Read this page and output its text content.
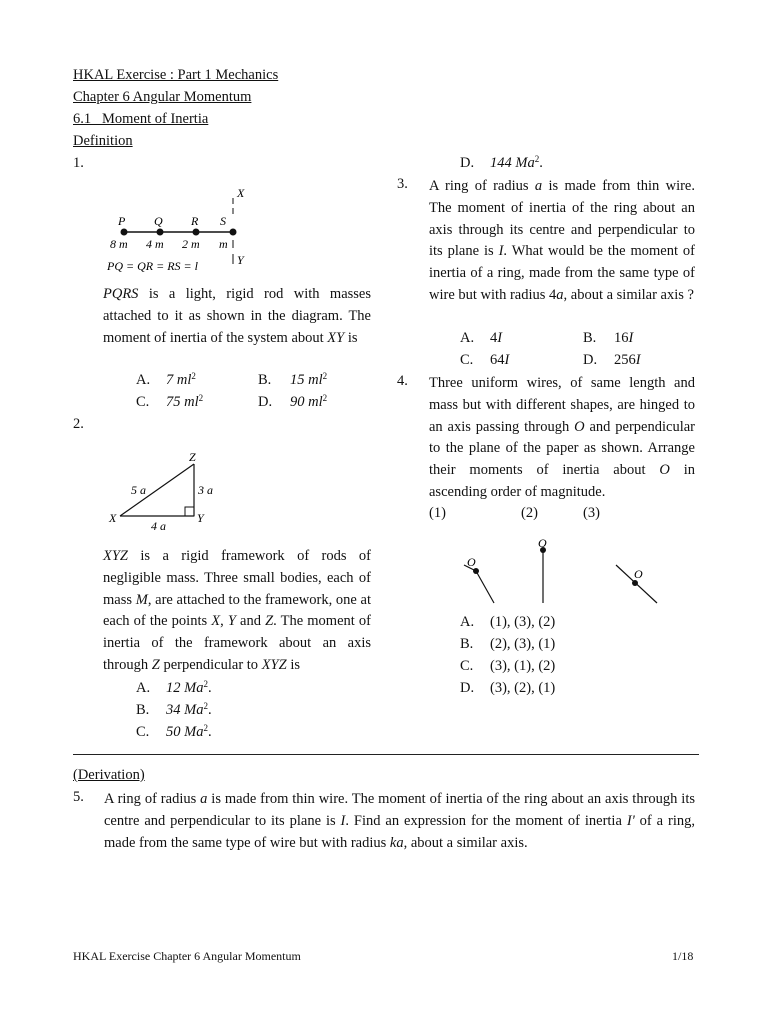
HKAL Exercise : Part 1 Mechanics
Chapter 6 Angular Momentum
6.1   Moment of Inertia
Definition
1.
P Q R S
X
Y
8 m 4 m 2 m m
PQ = QR = RS = l
PQRS is a light, rigid rod with masses attached to it as shown in the diagram. The moment of inertia of the system about XY is
A. 7 $ml^2$	B. 15 $ml^2$
C. 75 $ml^2$	D. 90 $ml^2$
2.
Z
X	Y
5 a	3 a
4 a
XYZ is a rigid framework of rods of negligible mass. Three small bodies, each of mass M, are attached to the framework, one at each of the points X, Y and Z. The moment of inertia of the framework about an axis through Z perpendicular to XYZ is
A. 12 Ma$^2$.
B. 34 Ma$^2$.
C. 50 Ma$^2$.
D. 144 Ma$^2$.
3. A ring of radius a is made from thin wire. The moment of inertia of the ring about an axis through its centre and perpendicular to its plane is I. What would be the moment of inertia of a ring, made from the same type of wire but with radius 4a, about a similar axis ?
A. 4I	B. 16I
C. 64I	D. 256I
4. Three uniform wires, of same length and mass but with different shapes, are hinged to an axis passing through O and perpendicular to the plane of the paper as shown. Arrange their moments of inertia about O in ascending order of magnitude.
(1)	(2)	(3)
O
O
O
A. (1), (3), (2)
B. (2), (3), (1)
C. (3), (1), (2)
D. (3), (2), (1)
(Derivation)
5. A ring of radius a is made from thin wire. The moment of inertia of the ring about an axis through its centre and perpendicular to its plane is I. Find an expression for the moment of inertia I' of a ring, made from the same type of wire but with radius ka, about a similar axis.
HKAL Exercise Chapter 6 Angular Momentum	1/18
